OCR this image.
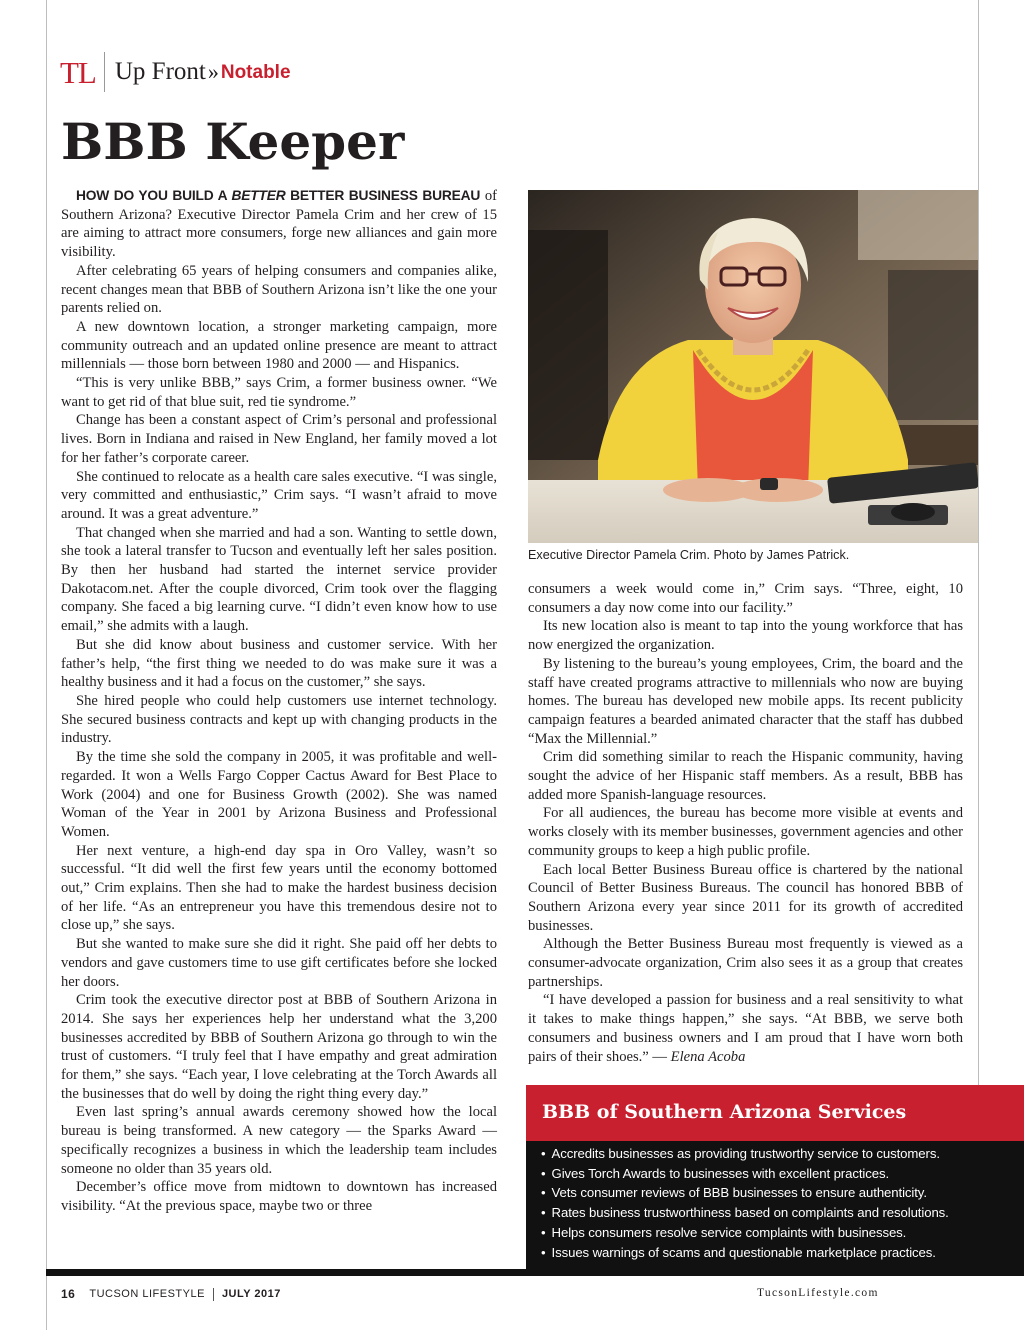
TL Up Front » Notable
BBB Keeper

HOW DO YOU BUILD A BETTER BETTER BUSINESS BUREAU of Southern Arizona? Executive Director Pamela Crim and her crew of 15 are aiming to attract more consumers, forge new alliances and gain more visibility.

After celebrating 65 years of helping consumers and companies alike, recent changes mean that BBB of Southern Arizona isn’t like the one your parents relied on.

A new downtown location, a stronger marketing campaign, more community outreach and an updated online presence are meant to attract millennials — those born between 1980 and 2000 — and Hispanics.

“This is very unlike BBB,” says Crim, a former business owner. “We want to get rid of that blue suit, red tie syndrome.”

Change has been a constant aspect of Crim’s personal and professional lives. Born in Indiana and raised in New England, her family moved a lot for her father’s corporate career.

She continued to relocate as a health care sales executive. “I was single, very committed and enthusiastic,” Crim says. “I wasn’t afraid to move around. It was a great adventure.”

That changed when she married and had a son. Wanting to settle down, she took a lateral transfer to Tucson and eventually left her sales position. By then her husband had started the internet service provider Dakotacom.net. After the couple divorced, Crim took over the flagging company. She faced a big learning curve. “I didn’t even know how to use email,” she admits with a laugh.

But she did know about business and customer service. With her father’s help, “the first thing we needed to do was make sure it was a healthy business and it had a focus on the customer,” she says.

She hired people who could help customers use internet technology. She secured business contracts and kept up with changing products in the industry.

By the time she sold the company in 2005, it was profitable and well-regarded. It won a Wells Fargo Copper Cactus Award for Best Place to Work (2004) and one for Business Growth (2002). She was named Woman of the Year in 2001 by Arizona Business and Professional Women.

Her next venture, a high-end day spa in Oro Valley, wasn’t so successful. “It did well the first few years until the economy bottomed out,” Crim explains. Then she had to make the hardest business decision of her life. “As an entrepreneur you have this tremendous desire not to close up,” she says.

But she wanted to make sure she did it right. She paid off her debts to vendors and gave customers time to use gift certificates before she locked her doors.

Crim took the executive director post at BBB of Southern Arizona in 2014. She says her experiences help her understand what the 3,200 businesses accredited by BBB of Southern Arizona go through to win the trust of customers. “I truly feel that I have empathy and great admiration for them,” she says. “Each year, I love celebrating at the Torch Awards all the businesses that do well by doing the right thing every day.”

Even last spring’s annual awards ceremony showed how the local bureau is being transformed. A new category — the Sparks Award — specifically recognizes a business in which the leadership team includes someone no older than 35 years old.

December’s office move from midtown to downtown has increased visibility. “At the previous space, maybe two or three

Executive Director Pamela Crim. Photo by James Patrick.

consumers a week would come in,” Crim says. “Three, eight, 10 consumers a day now come into our facility.”

Its new location also is meant to tap into the young workforce that has now energized the organization.

By listening to the bureau’s young employees, Crim, the board and the staff have created programs attractive to millennials who now are buying homes. The bureau has developed new mobile apps. Its recent publicity campaign features a bearded animated character that the staff has dubbed “Max the Millennial.”

Crim did something similar to reach the Hispanic community, having sought the advice of her Hispanic staff members. As a result, BBB has added more Spanish-language resources.

For all audiences, the bureau has become more visible at events and works closely with its member businesses, government agencies and other community groups to keep a high public profile.

Each local Better Business Bureau office is chartered by the national Council of Better Business Bureaus. The council has honored BBB of Southern Arizona every year since 2011 for its growth of accredited businesses.

Although the Better Business Bureau most frequently is viewed as a consumer-advocate organization, Crim also sees it as a group that creates partnerships.

“I have developed a passion for business and a real sensitivity to what it takes to make things happen,” she says. “At BBB, we serve both consumers and business owners and I am proud that I have worn both pairs of their shoes.” — Elena Acoba

BBB of Southern Arizona Services
• Accredits businesses as providing trustworthy service to customers.
• Gives Torch Awards to businesses with excellent practices.
• Vets consumer reviews of BBB businesses to ensure authenticity.
• Rates business trustworthiness based on complaints and resolutions.
• Helps consumers resolve service complaints with businesses.
• Issues warnings of scams and questionable marketplace practices.
16 TUCSON LIFESTYLE JULY 2017	TucsonLifestyle.com
